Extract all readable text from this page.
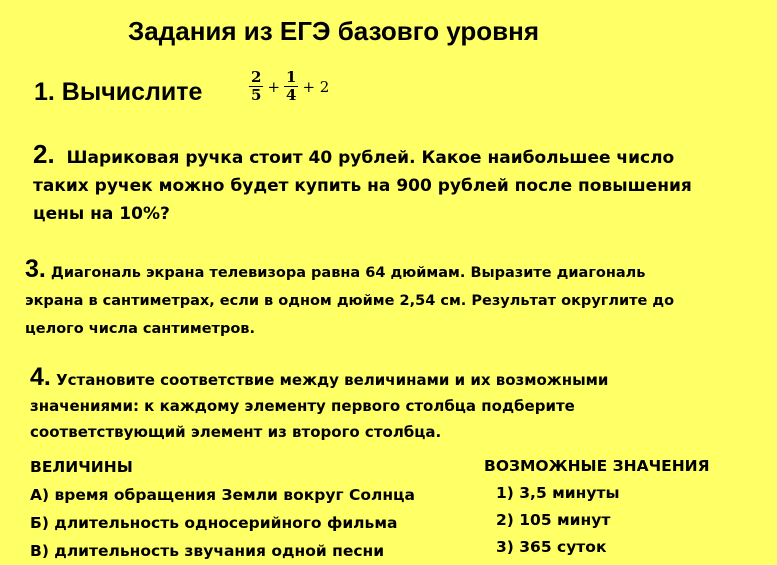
Задания из ЕГЭ базовго уровня
1. Вычислите	$\frac{2}{5} + \frac{1}{4} + 2$
2. Шариковая ручка стоит 40 рублей. Какое наибольшее число
таких ручек можно будет купить на 900 рублей после повышения
цены на 10%?
3. Диагональ экрана телевизора равна 64 дюймам. Выразите диагональ
экрана в сантиметрах, если в одном дюйме 2,54 см. Результат округлите до
целого числа сантиметров.
4. Установите соответствие между величинами и их возможными
значениями: к каждому элементу первого столбца подберите
соответствующий элемент из второго столбца.
ВЕЛИЧИНЫ
А) время обращения Земли вокруг Солнца
Б) длительность односерийного фильма
В) длительность звучания одной песни
ВОЗМОЖНЫЕ ЗНАЧЕНИЯ
1) 3,5 минуты
2) 105 минут
3) 365 суток
